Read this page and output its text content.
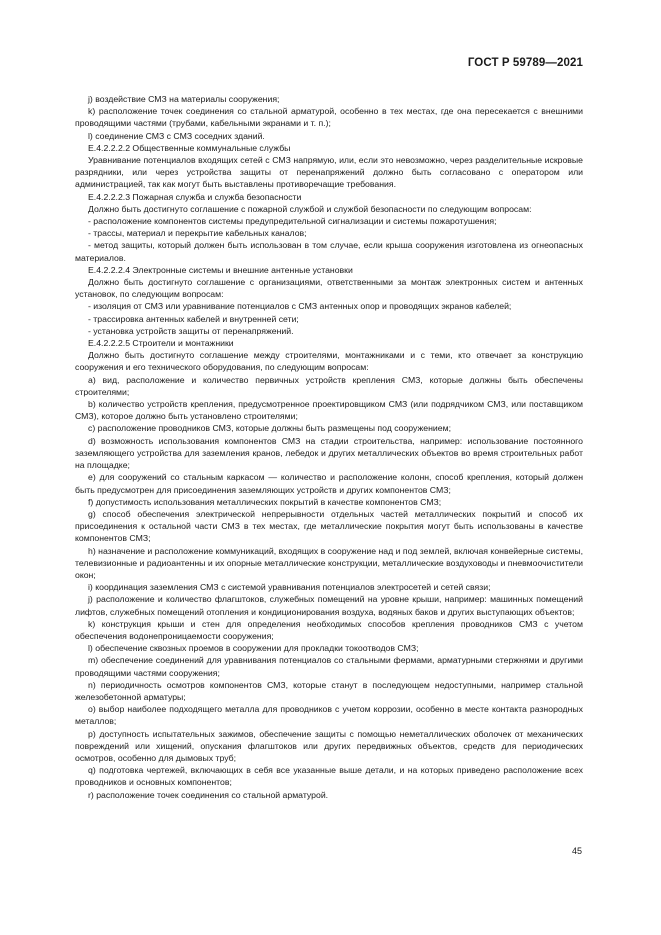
ГОСТ Р 59789—2021

j) воздействие СМЗ на материалы сооружения;

k) расположение точек соединения со стальной арматурой, особенно в тех местах, где она пересекается с внешними проводящими частями (трубами, кабельными экранами и т. п.);

l) соединение СМЗ с СМЗ соседних зданий.

Е.4.2.2.2.2 Общественные коммунальные службы

Уравнивание потенциалов входящих сетей с СМЗ напрямую, или, если это невозможно, через разделительные искровые разрядники, или через устройства защиты от перенапряжений должно быть согласовано с оператором или администрацией, так как могут быть выставлены противоречащие требования.

Е.4.2.2.2.3 Пожарная служба и служба безопасности

Должно быть достигнуто соглашение с пожарной службой и службой безопасности по следующим вопросам:

- расположение компонентов системы предупредительной сигнализации и системы пожаротушения;

- трассы, материал и перекрытие кабельных каналов;

- метод защиты, который должен быть использован в том случае, если крыша сооружения изготовлена из огнеопасных материалов.

Е.4.2.2.2.4 Электронные системы и внешние антенные установки

Должно быть достигнуто соглашение с организациями, ответственными за монтаж электронных систем и антенных установок, по следующим вопросам:

- изоляция от СМЗ или уравнивание потенциалов с СМЗ антенных опор и проводящих экранов кабелей;

- трассировка антенных кабелей и внутренней сети;

- установка устройств защиты от перенапряжений.

Е.4.2.2.2.5 Строители и монтажники

Должно быть достигнуто соглашение между строителями, монтажниками и с теми, кто отвечает за конструкцию сооружения и его технического оборудования, по следующим вопросам:

a) вид, расположение и количество первичных устройств крепления СМЗ, которые должны быть обеспечены строителями;

b) количество устройств крепления, предусмотренное проектировщиком СМЗ (или подрядчиком СМЗ, или поставщиком СМЗ), которое должно быть установлено строителями;

c) расположение проводников СМЗ, которые должны быть размещены под сооружением;

d) возможность использования компонентов СМЗ на стадии строительства, например: использование постоянного заземляющего устройства для заземления кранов, лебедок и других металлических объектов во время строительных работ на площадке;

e) для сооружений со стальным каркасом — количество и расположение колонн, способ крепления, который должен быть предусмотрен для присоединения заземляющих устройств и других компонентов СМЗ;

f) допустимость использования металлических покрытий в качестве компонентов СМЗ;

g) способ обеспечения электрической непрерывности отдельных частей металлических покрытий и способ их присоединения к остальной части СМЗ в тех местах, где металлические покрытия могут быть использованы в качестве компонентов СМЗ;

h) назначение и расположение коммуникаций, входящих в сооружение над и под землей, включая конвейерные системы, телевизионные и радиоантенны и их опорные металлические конструкции, металлические воздуховоды и пневмоочистители окон;

i) координация заземления СМЗ с системой уравнивания потенциалов электросетей и сетей связи;

j) расположение и количество флагштоков, служебных помещений на уровне крыши, например: машинных помещений лифтов, служебных помещений отопления и кондиционирования воздуха, водяных баков и других выступающих объектов;

k) конструкция крыши и стен для определения необходимых способов крепления проводников СМЗ с учетом обеспечения водонепроницаемости сооружения;

l) обеспечение сквозных проемов в сооружении для прокладки токоотводов СМЗ;

m) обеспечение соединений для уравнивания потенциалов со стальными фермами, арматурными стержнями и другими проводящими частями сооружения;

n) периодичность осмотров компонентов СМЗ, которые станут в последующем недоступными, например стальной железобетонной арматуры;

o) выбор наиболее подходящего металла для проводников с учетом коррозии, особенно в месте контакта разнородных металлов;

p) доступность испытательных зажимов, обеспечение защиты с помощью неметаллических оболочек от механических повреждений или хищений, опускания флагштоков или других передвижных объектов, средств для периодических осмотров, особенно для дымовых труб;

q) подготовка чертежей, включающих в себя все указанные выше детали, и на которых приведено расположение всех проводников и основных компонентов;

r) расположение точек соединения со стальной арматурой.

45
